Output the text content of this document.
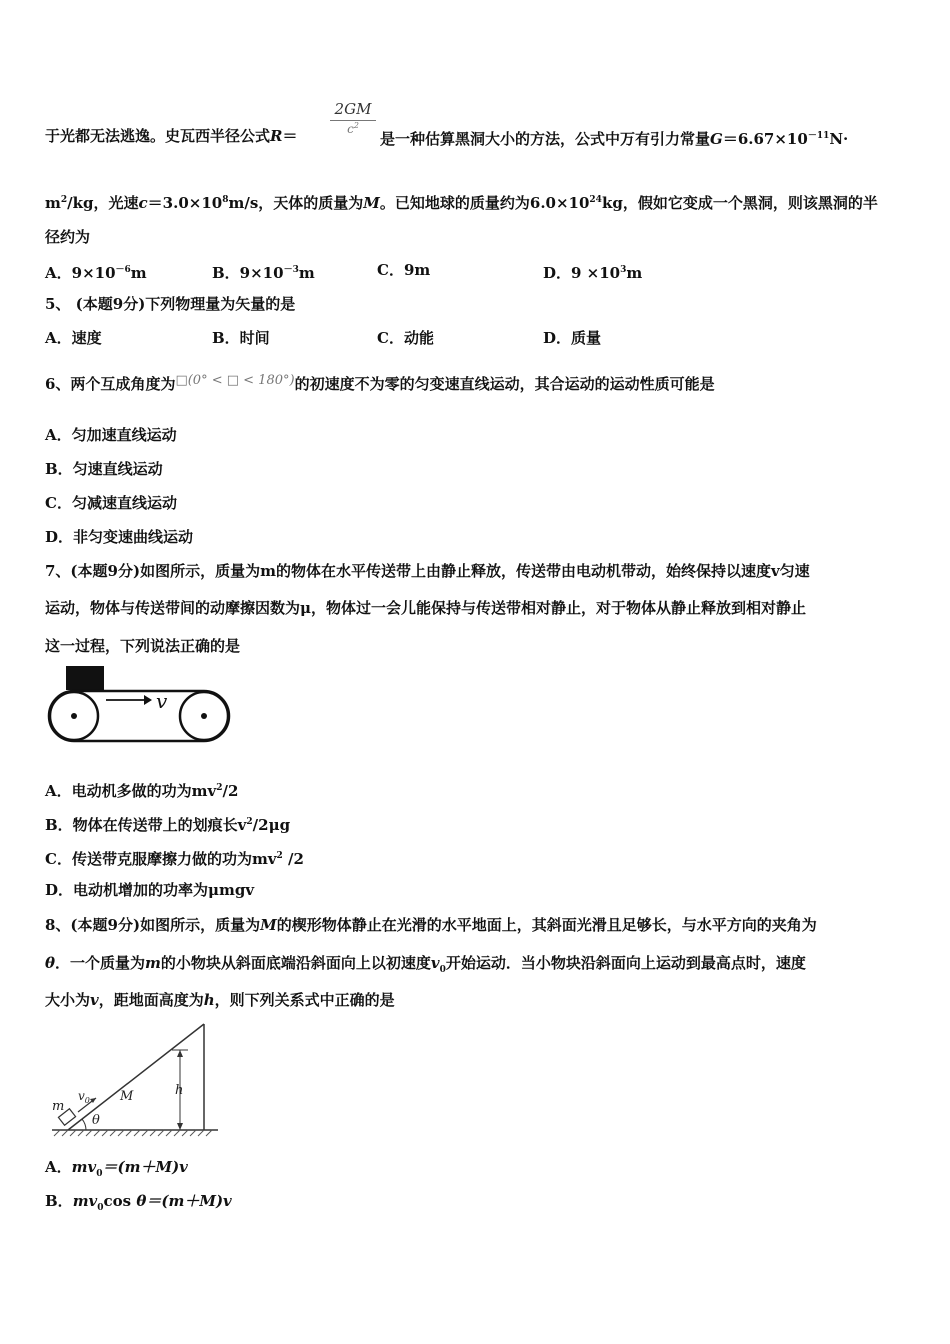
于光都无法逃逸。史瓦西半径公式R＝
2GM
$c^2$
是一种估算黑洞大小的方法，公式中万有引力常量$G=6.67\times 10^{-11}N\cdot$
$m^2/kg$，光速$c=3.0\times 10^8m/s$，天体的质量为M。已知地球的质量约为$6.0\times 10^{24}kg$，假如它变成一个黑洞，则该黑洞的半
径约为
A．$9\times 10^{-6}m$	B．$9\times 10^{-3}m$	C．9m	D．$9 \times 10^3m$
5、 (本题9分)下列物理量为矢量的是
A．速度	B．时间	C．动能	D．质量
6、两个互成角度为□(0° < □ < 180°)的初速度不为零的匀变速直线运动，其合运动的运动性质可能是
A．匀加速直线运动
B．匀速直线运动
C．匀减速直线运动
D．非匀变速曲线运动
7、(本题9分)如图所示，质量为m的物体在水平传送带上由静止释放，传送带由电动机带动，始终保持以速度v匀速
运动，物体与传送带间的动摩擦因数为μ，物体过一会儿能保持与传送带相对静止，对于物体从静止释放到相对静止
这一过程，下列说法正确的是
v
A．电动机多做的功为$mv^2/2$
B．物体在传送带上的划痕长$v^2/2\mu g$
C．传送带克服摩擦力做的功为$mv^2$ /2
D．电动机增加的功率为μmgv
8、(本题9分)如图所示，质量为M的楔形物体静止在光滑的水平地面上，其斜面光滑且足够长，与水平方向的夹角为
θ．一个质量为m的小物块从斜面底端沿斜面向上以初速度$v_0$开始运动．当小物块沿斜面向上运动到最高点时，速度
大小为v，距地面高度为h，则下列关系式中正确的是
m
$v_0$ M	h
θ
A．$mv_0=(m+M)v$
B．$mv_0\cos$ θ＝(m＋M)v
